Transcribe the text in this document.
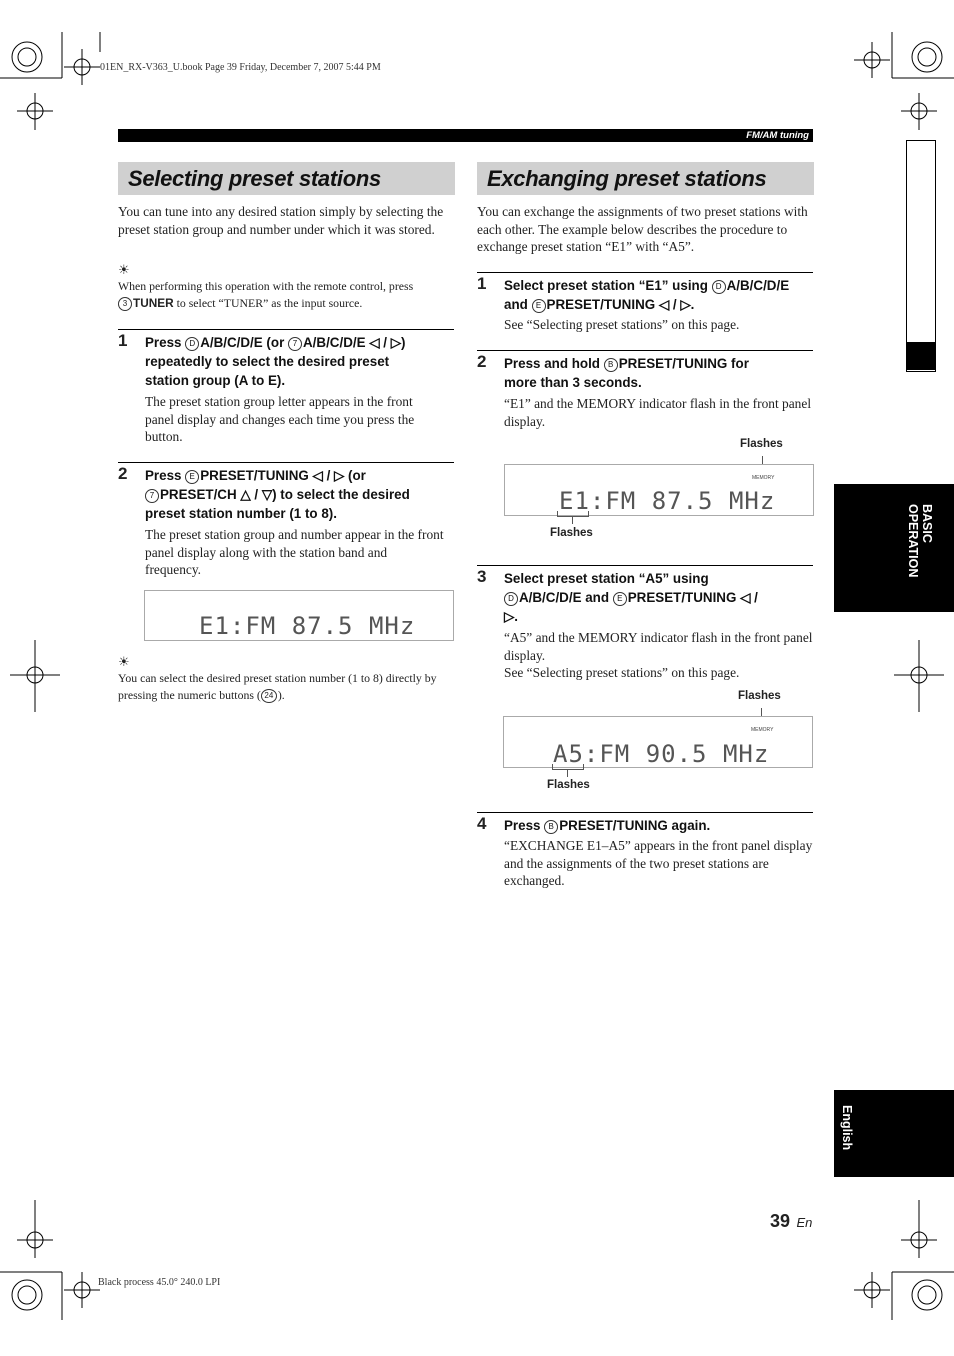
01EN_RX-V363_U.book Page 39 Friday, December 7, 2007 5:44 PM
FM/AM tuning
BASIC OPERATION
English
Selecting preset stations
You can tune into any desired station simply by selecting the preset station group and number under which it was stored.
☀
When performing this operation with the remote control, press
3 TUNER to select “TUNER” as the input source.
1 Press D A/B/C/D/E (or 7 A/B/C/D/E ◁ / ▷)
repeatedly to select the desired preset
station group (A to E).
The preset station group letter appears in the front panel display and changes each time you press the button.
2 Press E PRESET/TUNING ◁ / ▷ (or
7 PRESET/CH △ / ▽) to select the desired
preset station number (1 to 8).
The preset station group and number appear in the front panel display along with the station band and frequency.
E1:FM 87.5 MHz
☀
You can select the desired preset station number (1 to 8) directly by pressing the numeric buttons ( 24 ).
Exchanging preset stations
You can exchange the assignments of two preset stations with each other. The example below describes the procedure to exchange preset station “E1” with “A5”.
1 Select preset station “E1” using D A/B/C/D/E
and E PRESET/TUNING ◁ / ▷.
See “Selecting preset stations” on this page.
2 Press and hold B PRESET/TUNING for
more than 3 seconds.
“E1” and the MEMORY indicator flash in the front panel display.
Flashes
MEMORY
E1:FM 87.5 MHz
Flashes
3 Select preset station “A5” using
D A/B/C/D/E and E PRESET/TUNING ◁ /
▷.
“A5” and the MEMORY indicator flash in the front panel display.
See “Selecting preset stations” on this page.
Flashes
MEMORY
A5:FM 90.5 MHz
Flashes
4 Press B PRESET/TUNING again.
“EXCHANGE E1–A5” appears in the front panel display and the assignments of the two preset stations are exchanged.
39 En
Black process 45.0° 240.0 LPI
